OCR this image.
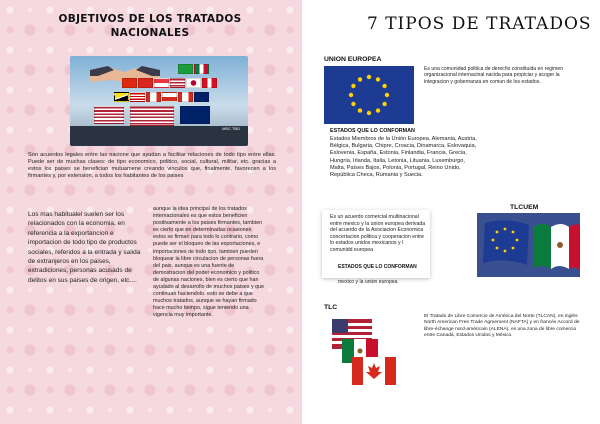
OBJETIVOS DE LOS TRATADOS NACIONALES
MSC TBD
Son acuerdos legales entre las nacione que ayudan a facilitar relaciones de todo tipo entre ellas. Puede ser de muchas clases: de tipo economico, politico, social, cultural, militar, etc. gracias a estos los paises se benefician mutuamene creando vinculos que, finalmente, favorecen a los firmantes y, por extension, a todos los habitantes de los paises
Los mas habitualel suelen ser los relacionados con la economia, en referencia a la exportancion e importacion de todo tipo de productos sociales, referidos a la entrada y salida de extranjeros en los paises, extradiciones, personas acusads de delitos en sus paises de origen, etc....
aunque la idea principal de los tratados internacionales es que estos beneficien positivamente a los paises firmantes, tambien es cierto que en determinadas ocasiones estos se firman para todo lo contrario, como puede ser el bloqueo de las exportaciones, e importaciones de todo tipo. tambien pueden bloquear la libre circulacion de personas fuera del pais. aunque es una fuente de demostracion del poder economico y politico de algunas naciones, bien es cierto que han ayudado al desarrollo de muchos paises y que continuan haciendolo. esto se debe a que muchos tratados, aunque se hayan firmado hace mucho tiempo, sigue teniendo una vigencia muy importante.
7 TIPOS DE TRATADOS
UNION EUROPEA
Es una comunidad politica de derecho constituida en regimen organizacional internacinal nacida para propiciar y acoger la integracion y gobernanza en comun de los estados.
ESTADOS QUE LO CONFORMAN
Estados Miembros de la Unión Europea. Alemania, Austria, Bélgica, Bulgaria, Chipre, Croacia, Dinamarca, Eslovaquia, Eslovenia, España, Estonia, Finlandia, Francia, Grecia, Hungría, Irlanda, Italia, Letonia, Lituania, Luxemburgo, Malta, Países Bajos, Polonia, Portugal, Reino Unido, República Checa, Rumania y Suecia.
TLCUEM
Es un acuerdo comercial multinacional entre mexico y la union europea derivada del acuerdo de la Asociacion Economica concertacion politica y cooperacion entre lo estados unidos mexicanos y l comunidd europea
ESTADOS QUE LO CONFORMAN
mexico y la union europea
TLC
El Tratado de Libre Comercio de América del Norte (TLCAN), en inglés North American Free Trade Agreement (NAFTA) y en francés Accord de libre-échange nord-américain (ALENA), es una zona de libre comercio entre Canadá, Estados Unidos y México.
